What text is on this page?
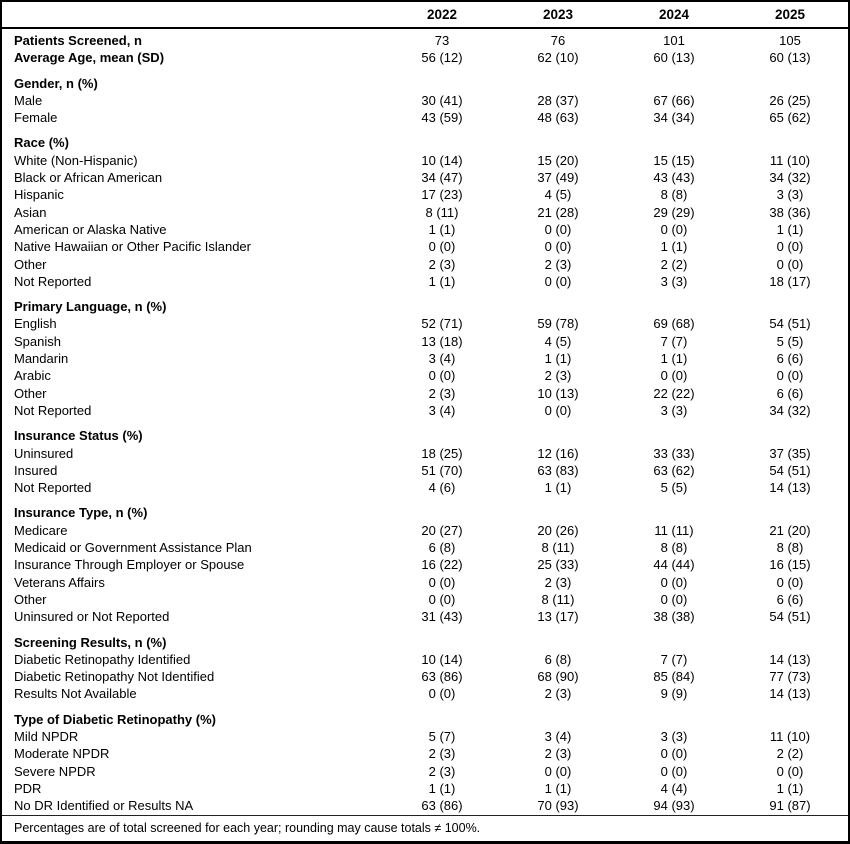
2022	2023	2024	2025
Patients Screened, n	73	76	101	105
Average Age, mean (SD)	56 (12)	62 (10)	60 (13)	60 (13)
Gender, n (%)
Male	30 (41)	28 (37)	67 (66)	26 (25)
Female	43 (59)	48 (63)	34 (34)	65 (62)
Race (%)
White (Non-Hispanic)	10 (14)	15 (20)	15 (15)	11 (10)
Black or African American	34 (47)	37 (49)	43 (43)	34 (32)
Hispanic	17 (23)	4 (5)	8 (8)	3 (3)
Asian	8 (11)	21 (28)	29 (29)	38 (36)
American or Alaska Native	1 (1)	0 (0)	0 (0)	1 (1)
Native Hawaiian or Other Pacific Islander	0 (0)	0 (0)	1 (1)	0 (0)
Other	2 (3)	2 (3)	2 (2)	0 (0)
Not Reported	1 (1)	0 (0)	3 (3)	18 (17)
Primary Language, n (%)
English	52 (71)	59 (78)	69 (68)	54 (51)
Spanish	13 (18)	4 (5)	7 (7)	5 (5)
Mandarin	3 (4)	1 (1)	1 (1)	6 (6)
Arabic	0 (0)	2 (3)	0 (0)	0 (0)
Other	2 (3)	10 (13)	22 (22)	6 (6)
Not Reported	3 (4)	0 (0)	3 (3)	34 (32)
Insurance Status (%)
Uninsured	18 (25)	12 (16)	33 (33)	37 (35)
Insured	51 (70)	63 (83)	63 (62)	54 (51)
Not Reported	4 (6)	1 (1)	5 (5)	14 (13)
Insurance Type, n (%)
Medicare	20 (27)	20 (26)	11 (11)	21 (20)
Medicaid or Government Assistance Plan	6 (8)	8 (11)	8 (8)	8 (8)
Insurance Through Employer or Spouse	16 (22)	25 (33)	44 (44)	16 (15)
Veterans Affairs	0 (0)	2 (3)	0 (0)	0 (0)
Other	0 (0)	8 (11)	0 (0)	6 (6)
Uninsured or Not Reported	31 (43)	13 (17)	38 (38)	54 (51)
Screening Results, n (%)
Diabetic Retinopathy Identified	10 (14)	6 (8)	7 (7)	14 (13)
Diabetic Retinopathy Not Identified	63 (86)	68 (90)	85 (84)	77 (73)
Results Not Available	0 (0)	2 (3)	9 (9)	14 (13)
Type of Diabetic Retinopathy (%)
Mild NPDR	5 (7)	3 (4)	3 (3)	11 (10)
Moderate NPDR	2 (3)	2 (3)	0 (0)	2 (2)
Severe NPDR	2 (3)	0 (0)	0 (0)	0 (0)
PDR	1 (1)	1 (1)	4 (4)	1 (1)
No DR Identified or Results NA	63 (86)	70 (93)	94 (93)	91 (87)
Percentages are of total screened for each year; rounding may cause totals ≠ 100%.
